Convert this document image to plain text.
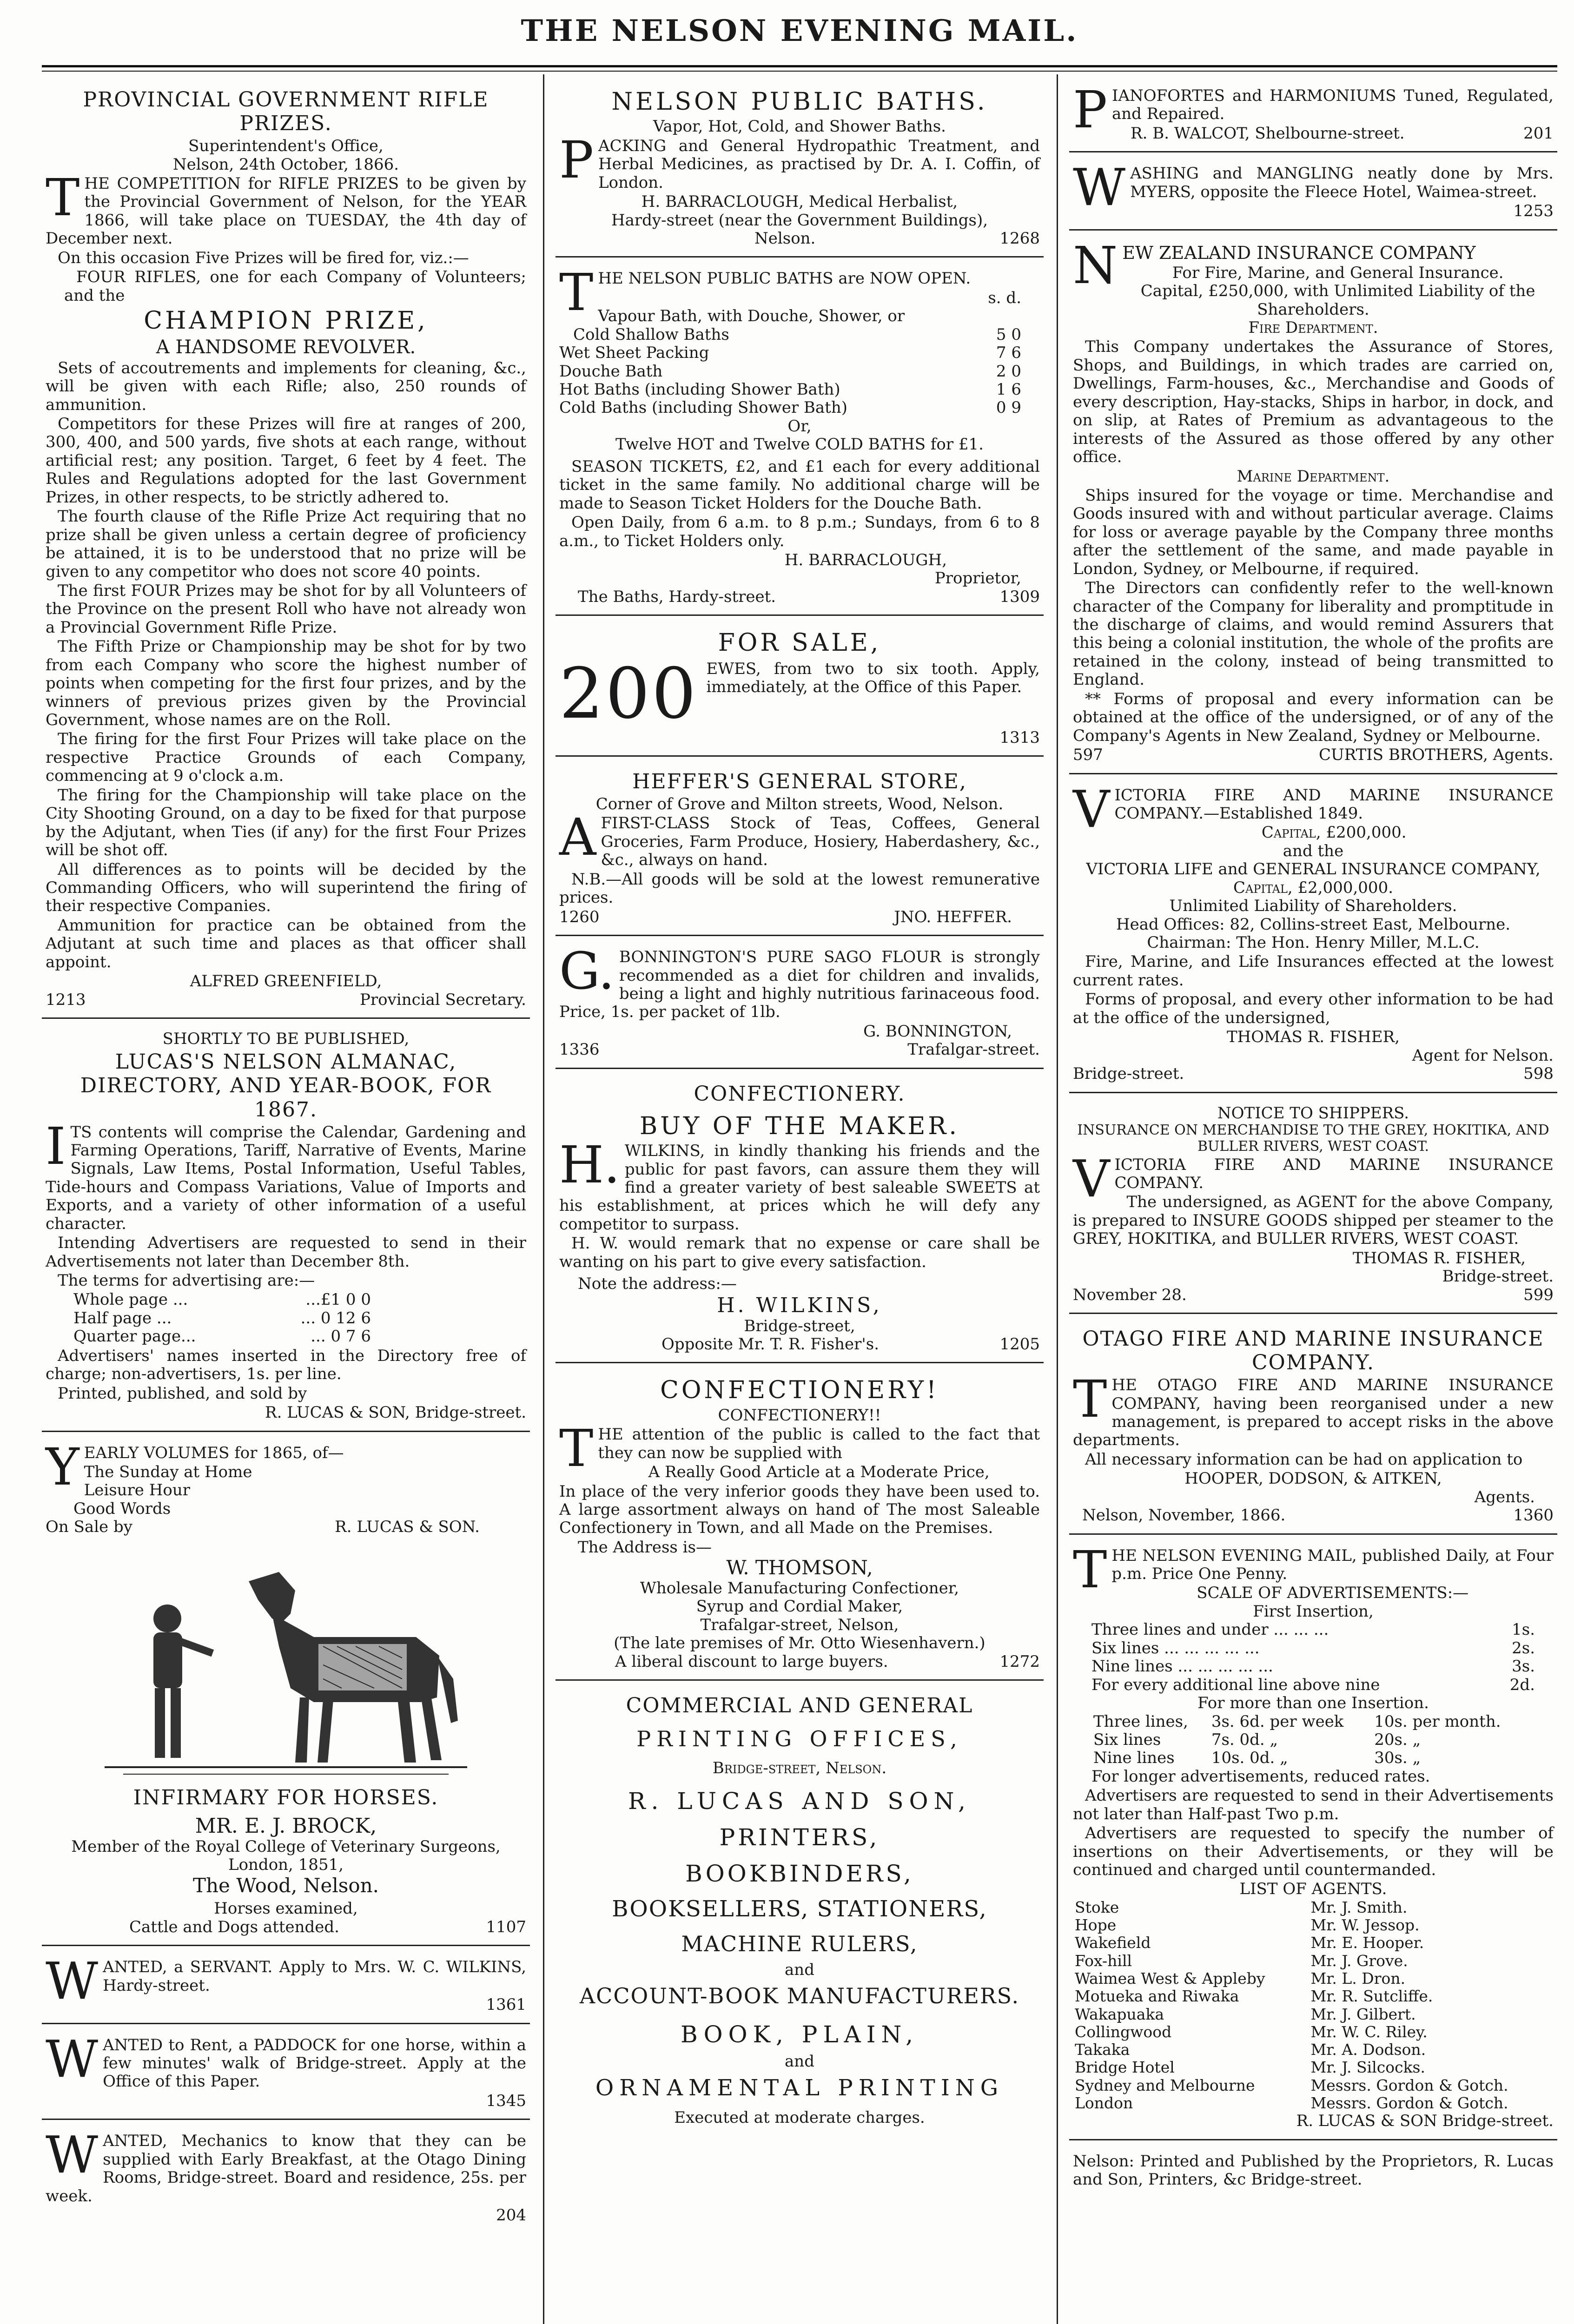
THE NELSON EVENING MAIL.
PROVINCIAL GOVERNMENT RIFLE PRIZES.
Superintendent's Office,
Nelson, 24th October, 1866.

THE COMPETITION for RIFLE PRIZES to be given by the Provincial Government of Nelson, for the YEAR 1866, will take place on TUESDAY, the 4th day of December next.

On this occasion Five Prizes will be fired for, viz.:—

FOUR RIFLES, one for each Company of Volunteers; and the

CHAMPION PRIZE,
A HANDSOME REVOLVER.

Sets of accoutrements and implements for cleaning, &c., will be given with each Rifle; also, 250 rounds of ammunition.

Competitors for these Prizes will fire at ranges of 200, 300, 400, and 500 yards, five shots at each range, without artificial rest; any position. Target, 6 feet by 4 feet. The Rules and Regulations adopted for the last Government Prizes, in other respects, to be strictly adhered to.

The fourth clause of the Rifle Prize Act requiring that no prize shall be given unless a certain degree of proficiency be attained, it is to be understood that no prize will be given to any competitor who does not score 40 points.

The first FOUR Prizes may be shot for by all Volunteers of the Province on the present Roll who have not already won a Provincial Government Rifle Prize.

The Fifth Prize or Championship may be shot for by two from each Company who score the highest number of points when competing for the first four prizes, and by the winners of previous prizes given by the Provincial Government, whose names are on the Roll.

The firing for the first Four Prizes will take place on the respective Practice Grounds of each Company, commencing at 9 o'clock a.m.

The firing for the Championship will take place on the City Shooting Ground, on a day to be fixed for that purpose by the Adjutant, when Ties (if any) for the first Four Prizes will be shot off.

All differences as to points will be decided by the Commanding Officers, who will superintend the firing of their respective Companies.

Ammunition for practice can be obtained from the Adjutant at such time and places as that officer shall appoint.

ALFRED GREENFIELD,
1213	Provincial Secretary.
SHORTLY TO BE PUBLISHED,
LUCAS'S NELSON ALMANAC, DIRECTORY, AND YEAR-BOOK, FOR 1867.

ITS contents will comprise the Calendar, Gardening and Farming Operations, Tariff, Narrative of Events, Marine Signals, Law Items, Postal Information, Useful Tables, Tide-hours and Compass Variations, Value of Imports and Exports, and a variety of other information of a useful character.

Intending Advertisers are requested to send in their Advertisements not later than December 8th.

The terms for advertising are:—

Whole page ...	...£1 0 0
Half page ...	... 0 12 6
Quarter page...	... 0 7 6

Advertisers' names inserted in the Directory free of charge; non-advertisers, 1s. per line.

Printed, published, and sold by

R. LUCAS & SON, Bridge-street.

YEARLY VOLUMES for 1865, of—

The Sunday at Home
Leisure Hour
Good Words
On Sale by	R. LUCAS & SON.
INFIRMARY FOR HORSES.
MR. E. J. BROCK,
Member of the Royal College of Veterinary Surgeons, London, 1851,
The Wood, Nelson.
Horses examined,
Cattle and Dogs attended.	1107

WANTED, a SERVANT. Apply to Mrs. W. C. WILKINS, Hardy-street.

1361

WANTED to Rent, a PADDOCK for one horse, within a few minutes' walk of Bridge-street. Apply at the Office of this Paper.

1345

WANTED, Mechanics to know that they can be supplied with Early Breakfast, at the Otago Dining Rooms, Bridge-street. Board and residence, 25s. per week.

204
NELSON PUBLIC BATHS.
Vapor, Hot, Cold, and Shower Baths.

PACKING and General Hydropathic Treatment, and Herbal Medicines, as practised by Dr. A. I. Coffin, of London.

H. BARRACLOUGH, Medical Herbalist,
Hardy-street (near the Government Buildings),
Nelson.	1268

THE NELSON PUBLIC BATHS are NOW OPEN.

s. d.
Vapour Bath, with Douche, Shower, or
Cold Shallow Baths	5 0
Wet Sheet Packing	7 6
Douche Bath	2 0
Hot Baths (including Shower Bath)	1 6
Cold Baths (including Shower Bath)	0 9
Or,
Twelve HOT and Twelve COLD BATHS for £1.

SEASON TICKETS, £2, and £1 each for every additional ticket in the same family. No additional charge will be made to Season Ticket Holders for the Douche Bath.

Open Daily, from 6 a.m. to 8 p.m.; Sundays, from 6 to 8 a.m., to Ticket Holders only.

H. BARRACLOUGH,
Proprietor,
The Baths, Hardy-street.	1309
FOR SALE,
200 EWES, from two to six tooth. Apply, immediately, at the Office of this Paper.

1313
HEFFER'S GENERAL STORE,
Corner of Grove and Milton streets, Wood, Nelson.

AFIRST-CLASS Stock of Teas, Coffees, General Groceries, Farm Produce, Hosiery, Haberdashery, &c., &c., always on hand.

N.B.—All goods will be sold at the lowest remunerative prices.

1260	JNO. HEFFER.

G.BONNINGTON'S PURE SAGO FLOUR is strongly recommended as a diet for children and invalids, being a light and highly nutritious farinaceous food. Price, 1s. per packet of 1lb.

G. BONNINGTON,
1336	Trafalgar-street.
CONFECTIONERY.
BUY OF THE MAKER.

H.WILKINS, in kindly thanking his friends and the public for past favors, can assure them they will find a greater variety of best saleable SWEETS at his establishment, at prices which he will defy any competitor to surpass.

H. W. would remark that no expense or care shall be wanting on his part to give every satisfaction.

Note the address:—
H. WILKINS,
Bridge-street,
Opposite Mr. T. R. Fisher's.	1205
CONFECTIONERY!
CONFECTIONERY!!

THE attention of the public is called to the fact that they can now be supplied with

A Really Good Article at a Moderate Price,

In place of the very inferior goods they have been used to. A large assortment always on hand of The most Saleable Confectionery in Town, and all Made on the Premises.

The Address is—
W. THOMSON,
Wholesale Manufacturing Confectioner,
Syrup and Cordial Maker,
Trafalgar-street, Nelson,
(The late premises of Mr. Otto Wiesenhavern.)
A liberal discount to large buyers.	1272
COMMERCIAL AND GENERAL
PRINTING OFFICES,
Bridge-street, Nelson.
R. LUCAS AND SON,
PRINTERS,
BOOKBINDERS,
BOOKSELLERS, STATIONERS,
MACHINE RULERS,
and
ACCOUNT-BOOK MANUFACTURERS.
BOOK, PLAIN,
and
ORNAMENTAL PRINTING
Executed at moderate charges.

PIANOFORTES and HARMONIUMS Tuned, Regulated, and Repaired.

R. B. WALCOT, Shelbourne-street.	201

WASHING and MANGLING neatly done by Mrs. MYERS, opposite the Fleece Hotel, Waimea-street.

1253

NEW ZEALAND INSURANCE COMPANY

For Fire, Marine, and General Insurance.
Capital, £250,000, with Unlimited Liability of the Shareholders.
Fire Department.

This Company undertakes the Assurance of Stores, Shops, and Buildings, in which trades are carried on, Dwellings, Farm-houses, &c., Merchandise and Goods of every description, Hay-stacks, Ships in harbor, in dock, and on slip, at Rates of Premium as advantageous to the interests of the Assured as those offered by any other office.

Marine Department.

Ships insured for the voyage or time. Merchandise and Goods insured with and without particular average. Claims for loss or average payable by the Company three months after the settlement of the same, and made payable in London, Sydney, or Melbourne, if required.

The Directors can confidently refer to the well-known character of the Company for liberality and promptitude in the discharge of claims, and would remind Assurers that this being a colonial institution, the whole of the profits are retained in the colony, instead of being transmitted to England.

** Forms of proposal and every information can be obtained at the office of the undersigned, or of any of the Company's Agents in New Zealand, Sydney or Melbourne.

597	CURTIS BROTHERS, Agents.

VICTORIA FIRE AND MARINE INSURANCE COMPANY.—Established 1849.

Capital, £200,000.
and the
VICTORIA LIFE and GENERAL INSURANCE COMPANY,
Capital, £2,000,000.
Unlimited Liability of Shareholders.
Head Offices: 82, Collins-street East, Melbourne.
Chairman: The Hon. Henry Miller, M.L.C.

Fire, Marine, and Life Insurances effected at the lowest current rates.

Forms of proposal, and every other information to be had at the office of the undersigned,

THOMAS R. FISHER,
Agent for Nelson.
Bridge-street.	598
NOTICE TO SHIPPERS.
INSURANCE ON MERCHANDISE TO THE GREY, HOKITIKA, AND BULLER RIVERS, WEST COAST.

VICTORIA FIRE AND MARINE INSURANCE COMPANY.

The undersigned, as AGENT for the above Company, is prepared to INSURE GOODS shipped per steamer to the GREY, HOKITIKA, and BULLER RIVERS, WEST COAST.

THOMAS R. FISHER,
Bridge-street.
November 28.	599
OTAGO FIRE AND MARINE INSURANCE COMPANY.

THE OTAGO FIRE AND MARINE INSURANCE COMPANY, having been reorganised under a new management, is prepared to accept risks in the above departments.

All necessary information can be had on application to

HOOPER, DODSON, & AITKEN,
Agents.
Nelson, November, 1866.	1360

THE NELSON EVENING MAIL, published Daily, at Four p.m. Price One Penny.

SCALE OF ADVERTISEMENTS:—
First Insertion,
Three lines and under ... ... ...	1s.
Six lines ... ... ... ... ...	2s.
Nine lines ... ... ... ... ...	3s.
For every additional line above nine	2d.
For more than one Insertion.
Three lines,	3s. 6d. per week	10s. per month.
Six lines	7s. 0d. „	20s. „
Nine lines	10s. 0d. „	30s. „
For longer advertisements, reduced rates.

Advertisers are requested to send in their Advertisements not later than Half-past Two p.m.

Advertisers are requested to specify the number of insertions on their Advertisements, or they will be continued and charged until countermanded.

LIST OF AGENTS.
Stoke	Mr. J. Smith.
Hope	Mr. W. Jessop.
Wakefield	Mr. E. Hooper.
Fox-hill	Mr. J. Grove.
Waimea West & Appleby	Mr. L. Dron.
Motueka and Riwaka	Mr. R. Sutcliffe.
Wakapuaka	Mr. J. Gilbert.
Collingwood	Mr. W. C. Riley.
Takaka	Mr. A. Dodson.
Bridge Hotel	Mr. J. Silcocks.
Sydney and Melbourne	Messrs. Gordon & Gotch.
London	Messrs. Gordon & Gotch.
R. LUCAS & SON Bridge-street.

Nelson: Printed and Published by the Proprietors, R. Lucas and Son, Printers, &c Bridge-street.
